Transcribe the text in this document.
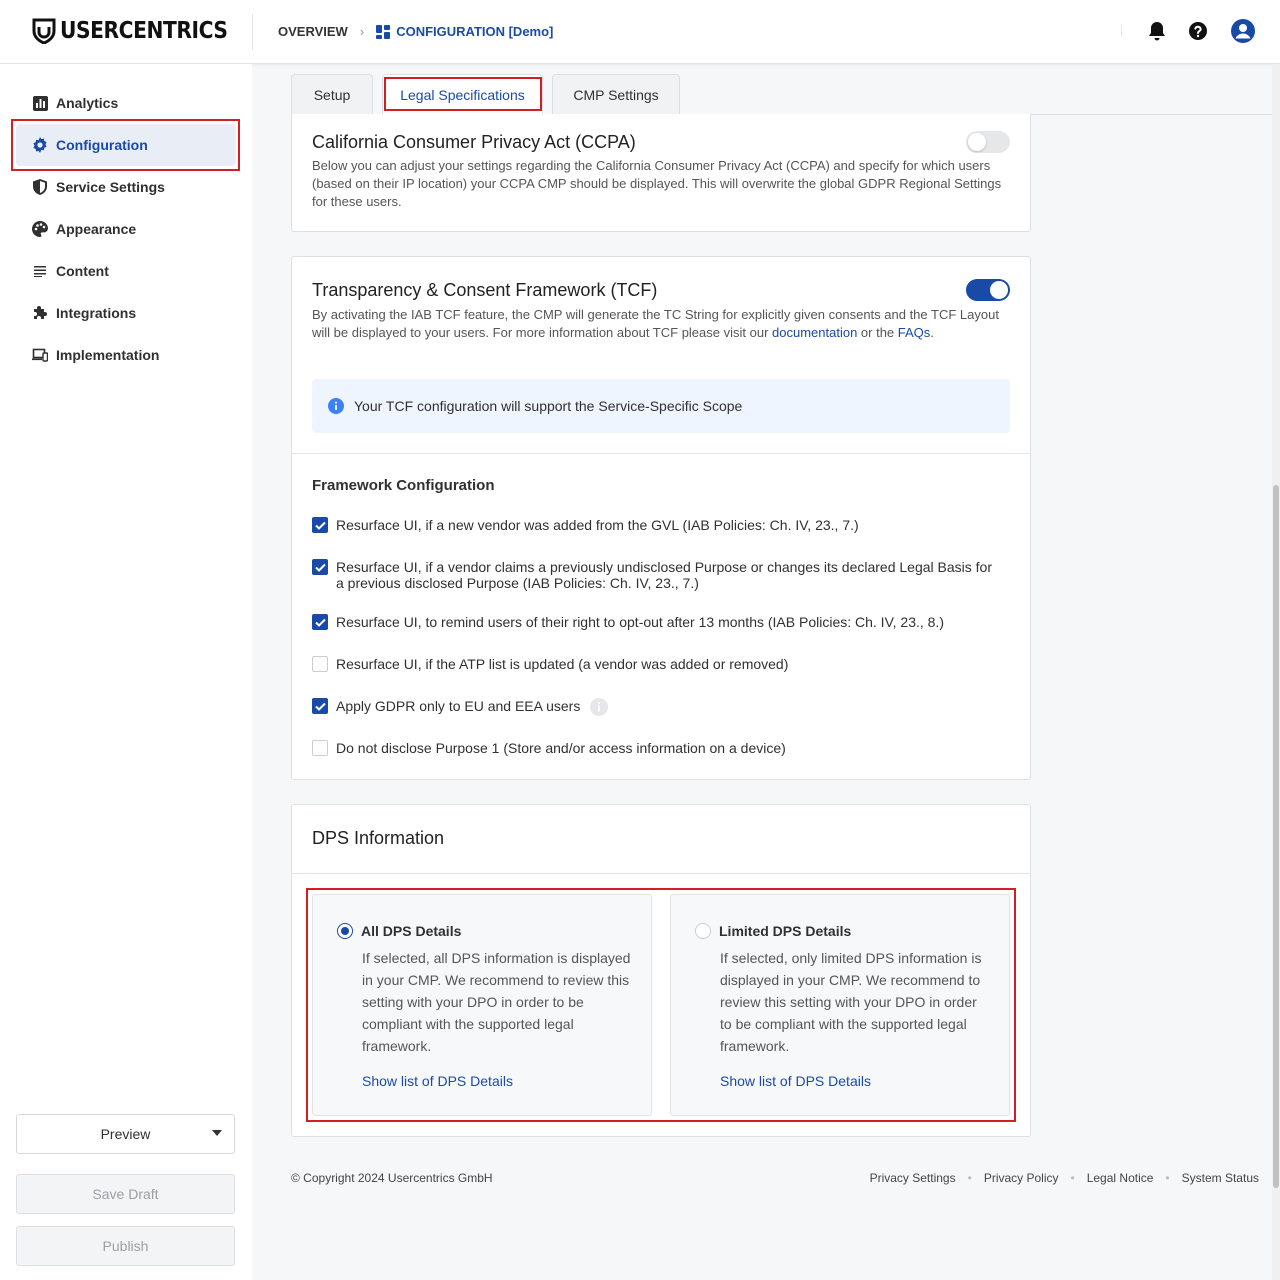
USERCENTRICS	OVERVIEW › CONFIGURATION [Demo]
Analytics
Configuration
Service Settings
Appearance
Content
Integrations
Implementation
Preview
Save Draft
Publish
Setup	Legal Specifications	CMP Settings
California Consumer Privacy Act (CCPA)
Below you can adjust your settings regarding the California Consumer Privacy Act (CCPA) and specify for which users (based on their IP location) your CCPA CMP should be displayed. This will overwrite the global GDPR Regional Settings for these users.
Transparency & Consent Framework (TCF)
By activating the IAB TCF feature, the CMP will generate the TC String for explicitly given consents and the TCF Layout will be displayed to your users. For more information about TCF please visit our documentation or the FAQs.
Your TCF configuration will support the Service-Specific Scope
Framework Configuration
Resurface UI, if a new vendor was added from the GVL (IAB Policies: Ch. IV, 23., 7.)
Resurface UI, if a vendor claims a previously undisclosed Purpose or changes its declared Legal Basis for a previous disclosed Purpose (IAB Policies: Ch. IV, 23., 7.)
Resurface UI, to remind users of their right to opt-out after 13 months (IAB Policies: Ch. IV, 23., 8.)
Resurface UI, if the ATP list is updated (a vendor was added or removed)
Apply GDPR only to EU and EEA users
Do not disclose Purpose 1 (Store and/or access information on a device)
DPS Information
All DPS Details
If selected, all DPS information is displayed in your CMP. We recommend to review this setting with your DPO in order to be compliant with the supported legal framework.
Show list of DPS Details
Limited DPS Details
If selected, only limited DPS information is displayed in your CMP. We recommend to review this setting with your DPO in order to be compliant with the supported legal framework.
Show list of DPS Details
© Copyright 2024 Usercentrics GmbH	Privacy Settings • Privacy Policy • Legal Notice • System Status
